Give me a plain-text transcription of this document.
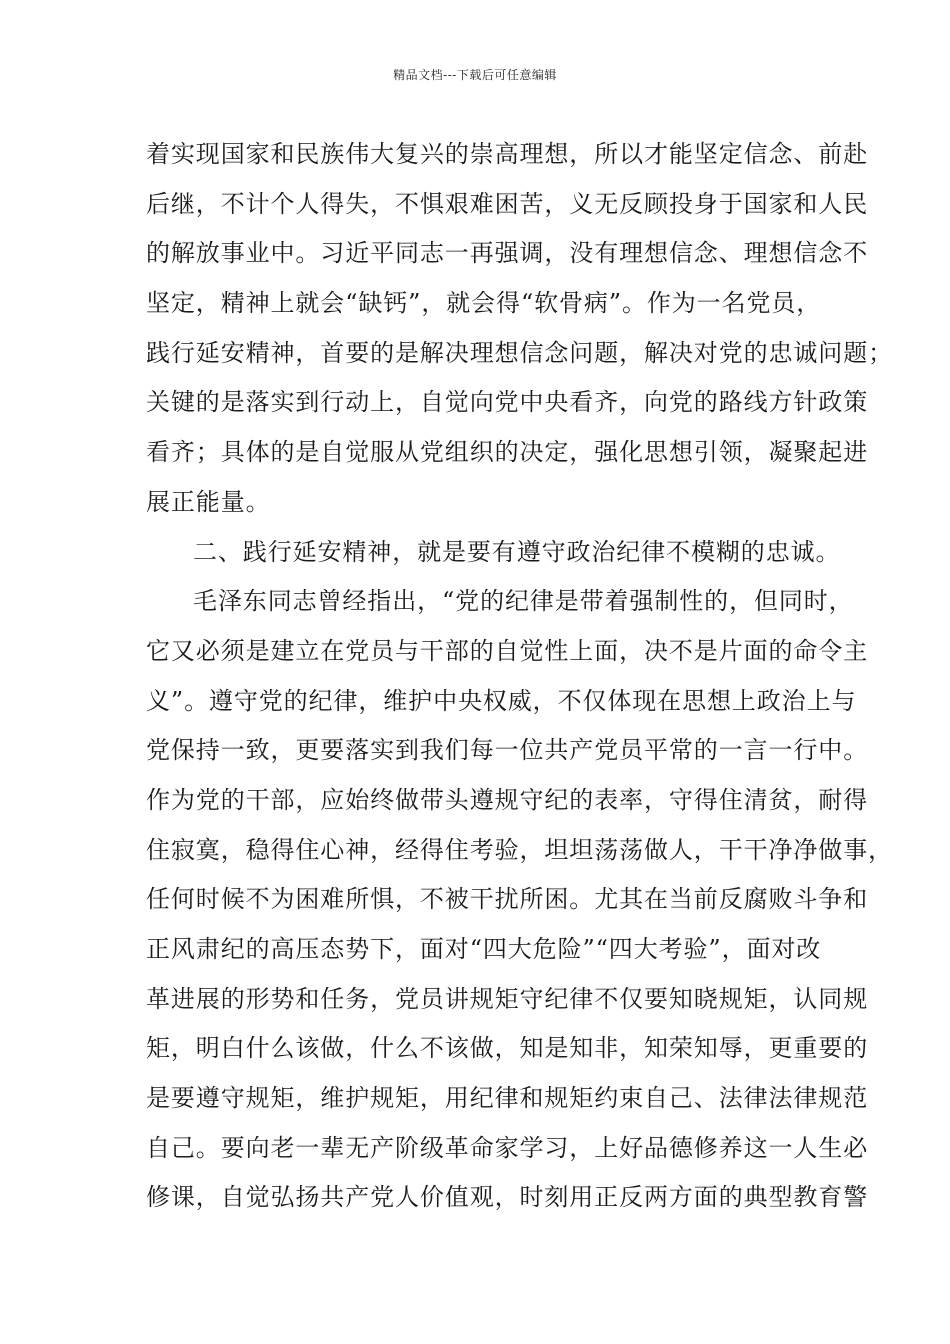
精品文档---下载后可任意编辑
着实现国家和民族伟大复兴的崇高理想，所以才能坚定信念、前赴
后继，不计个人得失，不惧艰难困苦，义无反顾投身于国家和人民
的解放事业中。习近平同志一再强调，没有理想信念、理想信念不
坚定，精神上就会“缺钙”，就会得“软骨病”。作为一名党员，
践行延安精神，首要的是解决理想信念问题，解决对党的忠诚问题；
关键的是落实到行动上，自觉向党中央看齐，向党的路线方针政策
看齐；具体的是自觉服从党组织的决定，强化思想引领，凝聚起进
展正能量。
二、践行延安精神，就是要有遵守政治纪律不模糊的忠诚。
毛泽东同志曾经指出，“党的纪律是带着强制性的，但同时，
它又必须是建立在党员与干部的自觉性上面，决不是片面的命令主
义”。遵守党的纪律，维护中央权威，不仅体现在思想上政治上与
党保持一致，更要落实到我们每一位共产党员平常的一言一行中。
作为党的干部，应始终做带头遵规守纪的表率，守得住清贫，耐得
住寂寞，稳得住心神，经得住考验，坦坦荡荡做人，干干净净做事，
任何时候不为困难所惧，不被干扰所困。尤其在当前反腐败斗争和
正风肃纪的高压态势下，面对“四大危险”“四大考验”，面对改
革进展的形势和任务，党员讲规矩守纪律不仅要知晓规矩，认同规
矩，明白什么该做，什么不该做，知是知非，知荣知辱，更重要的
是要遵守规矩，维护规矩，用纪律和规矩约束自己、法律法律规范
自己。要向老一辈无产阶级革命家学习，上好品德修养这一人生必
修课，自觉弘扬共产党人价值观，时刻用正反两方面的典型教育警
